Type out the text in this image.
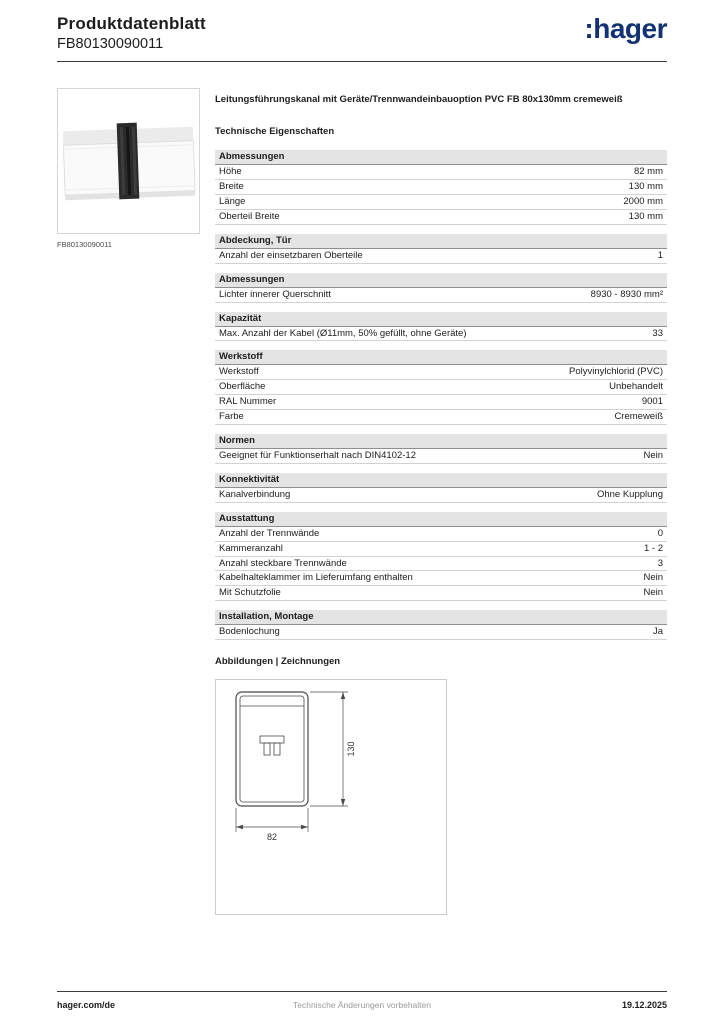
Produktdatenblatt
FB80130090011	:hager
FB80130090011
Leitungsführungskanal mit Geräte/Trennwandeinbauoption PVC FB 80x130mm cremeweiß
Technische Eigenschaften
Abmessungen
Höhe	82 mm
Breite	130 mm
Länge	2000 mm
Oberteil Breite	130 mm
Abdeckung, Tür
Anzahl der einsetzbaren Oberteile	1
Abmessungen
Lichter innerer Querschnitt	8930 - 8930 mm²
Kapazität
Max. Anzahl der Kabel (Ø11mm, 50% gefüllt, ohne Geräte)	33
Werkstoff
Werkstoff	Polyvinylchlorid (PVC)
Oberfläche	Unbehandelt
RAL Nummer	9001
Farbe	Cremeweiß
Normen
Geeignet für Funktionserhalt nach DIN4102-12	Nein
Konnektivität
Kanalverbindung	Ohne Kupplung
Ausstattung
Anzahl der Trennwände	0
Kammeranzahl	1 - 2
Anzahl steckbare Trennwände	3
Kabelhalteklammer im Lieferumfang enthalten	Nein
Mit Schutzfolie	Nein
Installation, Montage
Bodenlochung	Ja
Abbildungen | Zeichnungen
82
130
hager.com/de	Technische Änderungen vorbehalten	19.12.2025
